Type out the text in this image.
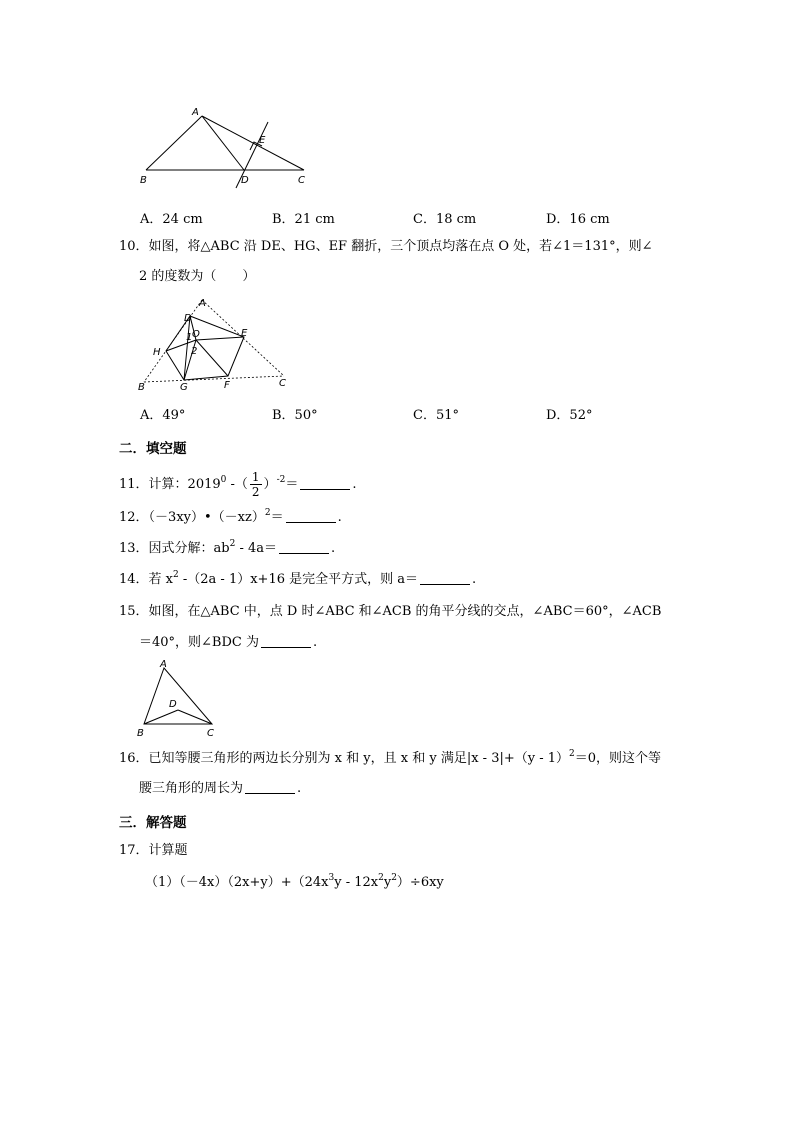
A
B	C
D
E
A．24 cm	B．21 cm	C．18 cm	D．16 cm
10．如图，将△ABC 沿 DE、HG、EF 翻折，三个顶点均落在点 O 处，若∠1＝131°，则∠
2 的度数为（　　）
A
D
O
1
2
E
H
B	G	F	C
A．49°	B．50°	C．51°	D．52°
二．填空题
11．计算：2019$^0$ -（ $\frac{1}{2} )^{-2}=$	.
12．$(-3xy)•(-xz)^2=$	.
13．因式分解：$ab^2 - 4a=$	.
14．若 $x^2$ -（2a - 1）x+16 是完全平方式，则 a＝	.
15．如图，在△ABC 中，点 D 时∠ABC 和∠ACB 的角平分线的交点，∠ABC＝60°，∠ACB
＝40°，则∠BDC 为	.
A
D
B	C
16．已知等腰三角形的两边长分别为 x 和 y，且 x 和 y 满足|x - 3|+（y - 1）$^2$＝0，则这个等
腰三角形的周长为	.
三．解答题
17．计算题
$(1)(-4x)(2x+y)+(24x^3y - 12x^2y^2)\div 6xy$
